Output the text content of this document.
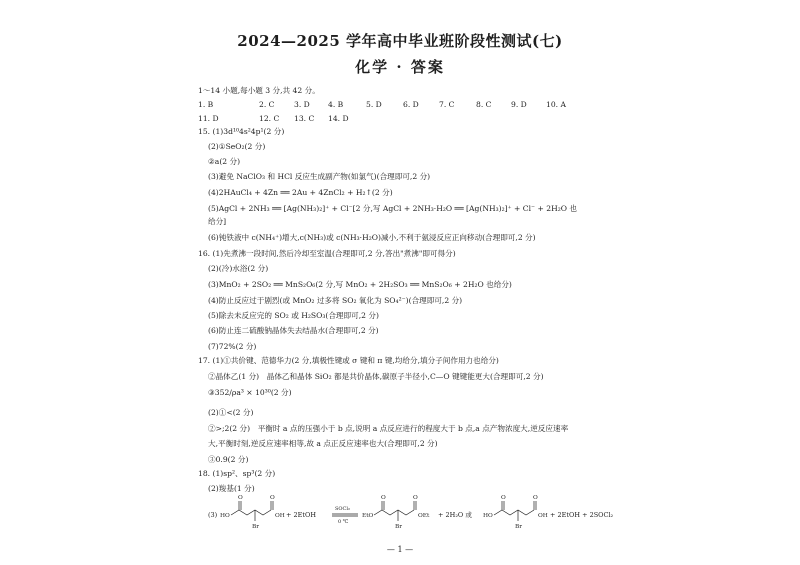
2024—2025 学年高中毕业班阶段性测试(七)
化学 · 答案
1～14 小题,每小题 3 分,共 42 分。
1. B	2. C	3. D 4. B	5. D	6. D	7. C	8. C	9. D	10. A
11. D	12. C 13. C 14. D
15. (1)3d¹⁰4s²4p¹(2 分)
(2)①SeO₂(2 分)
②a(2 分)
(3)避免 NaClO₃ 和 HCl 反应生成副产物(如氯气)(合理即可,2 分)
(4)2HAuCl₄ + 4Zn ══ 2Au + 4ZnCl₂ + H₂↑(2 分)
(5)AgCl + 2NH₃ ══ [Ag(NH₃)₂]⁺ + Cl⁻[2 分,写 AgCl + 2NH₃·H₂O ══ [Ag(NH₃)₂]⁺ + Cl⁻ + 2H₂O 也
给分]
(6)钝铁液中 c(NH₄⁺)增大,c(NH₃)或 c(NH₃·H₂O)减小,不利于氨浸反应正向移动(合理即可,2 分)
16. (1)先煮沸一段时间,然后冷却至室温(合理即可,2 分,答出"煮沸"即可得分)
(2)(冷)水浴(2 分)
(3)MnO₂ + 2SO₂ ══ MnS₂O₆(2 分,写 MnO₂ + 2H₂SO₃ ══ MnS₂O₆ + 2H₂O 也给分)
(4)防止反应过于剧烈(或 MnO₂ 过多将 SO₂ 氧化为 SO₄²⁻)(合理即可,2 分)
(5)除去未反应完的 SO₂ 或 H₂SO₃(合理即可,2 分)
(6)防止连二硫酸钠晶体失去结晶水(合理即可,2 分)
(7)72%(2 分)
17. (1)①共价键、范德华力(2 分,填极性键或 σ 键和 π 键,均给分,填分子间作用力也给分)
②晶体乙(1 分)　晶体乙和晶体 SiO₂ 都是共价晶体,碳原子半径小,C—O 键键能更大(合理即可,2 分)
③352/ρa³ × 10³⁰(2 分)
(2)①<(2 分)
②>;2(2 分)　平衡时 a 点的压强小于 b 点,说明 a 点反应进行的程度大于 b 点,a 点产物浓度大,逆反应速率
大,平衡时刻,逆反应速率相等,故 a 点正反应速率也大(合理即可,2 分)
③0.9(2 分)
18. (1)sp²、sp³(2 分)
(2)羧基(1 分)
(3) HO
O	O
OH
Br
+ 2EtOH
SOCl₂
0 ℃
EtO
O	O
OEt
Br
+ 2H₂O 或 HO
O	O
OH
Br
+ 2EtOH + 2SOCl₂
— 1 —
